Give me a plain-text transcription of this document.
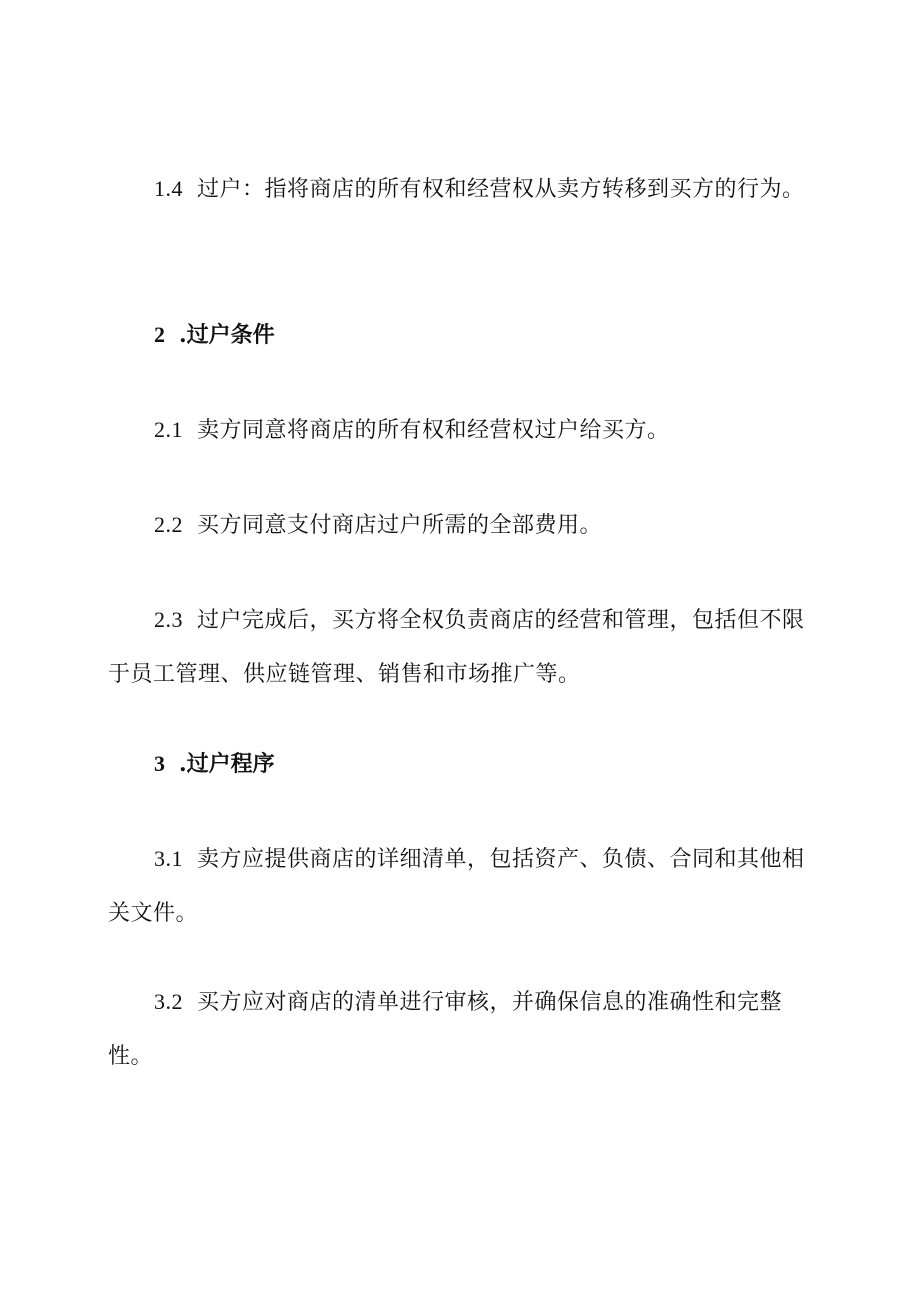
1.4 过户：指将商店的所有权和经营权从卖方转移到买方的行为。
2 .过户条件
2.1 卖方同意将商店的所有权和经营权过户给买方。
2.2 买方同意支付商店过户所需的全部费用。
2.3 过户完成后，买方将全权负责商店的经营和管理，包括但不限于员工管理、供应链管理、销售和市场推广等。
3 .过户程序
3.1 卖方应提供商店的详细清单，包括资产、负债、合同和其他相关文件。
3.2 买方应对商店的清单进行审核，并确保信息的准确性和完整性。
